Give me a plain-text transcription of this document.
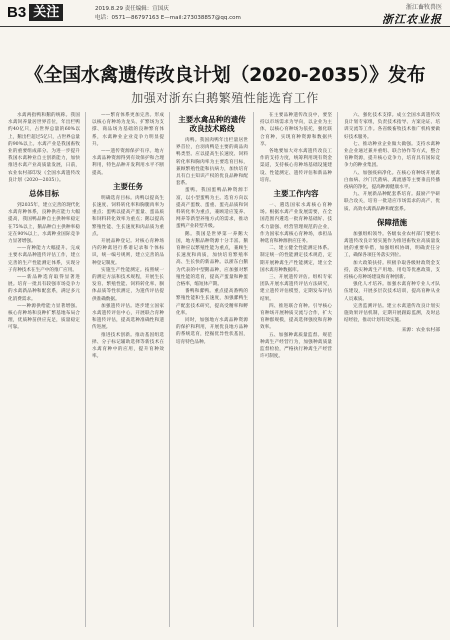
B3 关注	2019.8.29 责任编辑：宣国庆
电话：0571—86797163 E—mail:273038857@qq.com
浙江畜牧兽医
浙江农业报
《全国水禽遗传改良计划（2020-2035）》发布
加强对浙东白鹅繁殖性能选育工作

水禽两指鸭和鹅的统称。我国水禽饲养量居世界首位，年出栏鸭约40亿只，占世界总量的60%以上，鹅出栏超过5亿只，占世界总量的90%以上。水禽产业是我国畜牧业的重要组成部分。为进一步提升我国水禽种业自主创新能力，加快推进水禽产业高质量发展，日前，农业农村部印发《全国水禽遗传改良计划（2020—2035）》。

总体目标

到2035年，建立完善的现代化水禽育种体系，良种供应能力大幅提高，我国鸭品种自主供种率稳定在75%以上，鹅品种自主供种率稳定在90%以上，水禽种业国际竞争力显著增强。

——育种能力大幅提升。完成主要水禽品种遗传评估工作，建立完善的生产性能测定体系，实现分子育种技术在生产中的推广应用。

——新品种选育取得显著进展。培育一批具有较强市场竞争力的水禽新品种和配套系，满足多元化消费需求。

——种源供给能力显著增强。核心育种场和良种扩繁基地布局合理，优质种苗供应充足，质量稳定可靠。

——繁育体系更加完善。形成以核心育种场为龙头、扩繁场为支撑、商品场为基础的良种繁育体系，水禽种业企业竞争力明显提升。

——遗传资源保护有序。地方水禽品种资源得到有效保护和合理利用，特色品种开发利用水平不断提高。

主要任务

明确选育目标。肉鸭以提高生长速度、饲料转化率和胸腿肉率为重点；蛋鸭以提高产蛋量、蛋品质和饲料转化效率为重点；鹅以提高繁殖性能、生长速度和肉品质为重点。

开展品种登记。对核心育种场内的种禽进行系谱记录和个体标识，统一编号规则，建立完善的品种登记制度。

实施生产性能测定。按照统一的测定方法和技术规程，开展生长发育、繁殖性能、饲料转化率、胴体品质等性状测定，为遗传评估提供准确数据。

加强遗传评估。逐步建立国家水禽遗传评估中心，开展联合育种和遗传评估，提高选种准确性和遗传进展。

推进技术创新。推动基因组选择、分子标记辅助选择等新技术在水禽育种中的应用，提升育种效率。

主要水禽品种的遗传改良技术路线

肉鸭。我国肉鸭年出栏量居世界首位，白羽肉鸭是主要的商品肉鸭类型。应以提高生长速度、饲料转化率和胸肉率为主要选育目标，兼顾繁殖性能和抗病力，加快培育具有自主知识产权的优良品种和配套系。

蛋鸭。我国蛋鸭品种资源丰富，以小型蛋鸭为主。选育方向以提高产蛋数、蛋重、蛋壳品质和饲料转化率为重点，兼顾适应笼养、网养等新型养殖方式的需求，推动蛋鸭产业转型升级。

鹅。我国是世界第一养鹅大国，地方鹅品种资源十分丰富。鹅育种应以繁殖性能为重点，兼顾生长速度和肉质，加快培育繁殖率高、生长快的新品种。以浙东白鹅为代表的中型鹅品种，应加强对繁殖性能的选育，提高产蛋量和种蛋合格率，缩短休产期。

番鸭和骡鸭。重点提高番鸭的繁殖性能和生长速度，加强骡鸭生产配套技术研究，提高受精率和孵化率。

同时，加强地方水禽品种资源的保护和利用，开展优良地方品种的系统选育，挖掘优异性状基因，培育特色品种。

在主要品种遗传改良中，要坚持以市场需求为导向，以企业为主体，以核心育种场为依托，强化联合育种，实现育种资源和数据共享。

各地要加大对水禽遗传改良工作的支持力度，统筹利用现有资金渠道，支持核心育种场基础设施建设、性能测定、遗传评估和新品种培育。

主要工作内容

一、遴选国家水禽核心育种场。根据水禽产业发展需要，在全国范围内遴选一批育种基础好、技术力量强、经营管理规范的企业，作为国家水禽核心育种场，承担品种选育和种源供应任务。

二、建立健全性能测定体系。制定统一的性能测定技术规范，定期开展种禽生产性能测定，建立全国水禽育种数据库。

三、开展遗传评估。组织专家团队开展水禽遗传评估方法研究，建立遗传评估模型，定期发布评估结果。

四、推进联合育种。引导核心育种场开展种质交流与合作，扩大育种群规模，提高选择强度和育种效率。

五、加强种禽质量监督。规范种禽生产经营行为，加强种禽质量监督检验，严格执行种禽生产经营许可制度。

六、强化技术支撑。成立全国水禽遗传改良计划专家组，负责技术指导、方案论证、培训交流等工作。各省级畜牧技术推广机构要做好技术服务。

七、推动种业企业做大做强。支持水禽种业企业通过兼并重组、联合协作等方式，整合育种资源，提升核心竞争力，培育具有国际竞争力的种业集团。

八、加强疫病净化。在核心育种场开展禽白血病、沙门氏菌病、禽流感等主要垂直传播疫病的净化，提高种源健康水平。

九、开展新品种配套系培育。鼓励产学研联合攻关，培育一批适应市场需求的高产、优质、高效水禽新品种和配套系。

保障措施

加强组织领导。各级农业农村部门要把水禽遗传改良计划实施作为推进畜牧业高质量发展的重要举措，加强组织协调，明确责任分工，确保各项任务落实到位。

加大政策扶持。积极争取各级财政资金支持，落实种禽生产用地、用电等优惠政策，支持核心育种场建设和育种创新。

强化人才培养。加强水禽育种专业人才队伍建设，开展多层次技术培训，提高育种从业人员素质。

完善监测评估。建立水禽遗传改良计划实施效果评估机制，定期开展跟踪监测，及时总结经验，推动计划有效实施。

来源：农业农村部
